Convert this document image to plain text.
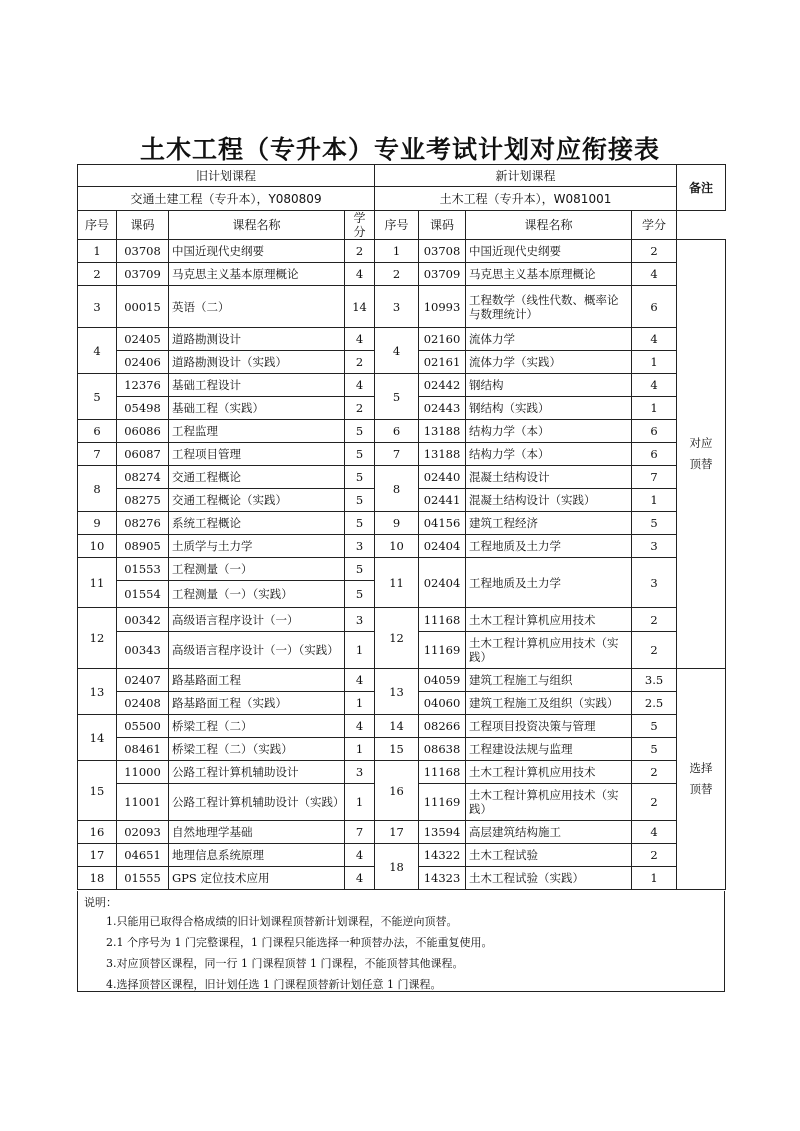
土木工程（专升本）专业考试计划对应衔接表
旧计划课程				新计划课程				备注
交通土建工程（专升本），Y080809				土木工程（专升本），W081001				
序号	课码	课程名称	学分	序号	课码	课程名称	学分	
1	03708	中国近现代史纲要	2	1	03708	中国近现代史纲要	2	对应
顶替
2	03709	马克思主义基本原理概论	4	2	03709	马克思主义基本原理概论	4	
3	00015	英语（二）	14	3	10993	工程数学（线性代数、概率论与数理统计）	6	
4	02405	道路勘测设计	4	4	02160	流体力学	4	
	02406	道路勘测设计（实践）	2		02161	流体力学（实践）	1	
5	12376	基础工程设计	4	5	02442	钢结构	4	
	05498	基础工程（实践）	2		02443	钢结构（实践）	1	
6	06086	工程监理	5	6	13188	结构力学（本）	6	
7	06087	工程项目管理	5	7	13188	结构力学（本）	6	
8	08274	交通工程概论	5	8	02440	混凝土结构设计	7	
	08275	交通工程概论（实践）	5		02441	混凝土结构设计（实践）	1	
9	08276	系统工程概论	5	9	04156	建筑工程经济	5	
10	08905	土质学与土力学	3	10	02404	工程地质及土力学	3	
11	01553	工程测量（一）	5	11	02404	工程地质及土力学	3	
	01554	工程测量（一）（实践）	5					
12	00342	高级语言程序设计（一）	3	12	11168	土木工程计算机应用技术	2	
	00343	高级语言程序设计（一）（实践）	1		11169	土木工程计算机应用技术（实践）	2	
13	02407	路基路面工程	4	13	04059	建筑工程施工与组织	3.5	选择
顶替
	02408	路基路面工程（实践）	1		04060	建筑工程施工及组织（实践）	2.5	
14	05500	桥梁工程（二）	4	14	08266	工程项目投资决策与管理	5	
	08461	桥梁工程（二）（实践）	1	15	08638	工程建设法规与监理	5	
15	11000	公路工程计算机辅助设计	3	16	11168	土木工程计算机应用技术	2	
	11001	公路工程计算机辅助设计（实践）	1		11169	土木工程计算机应用技术（实践）	2	
16	02093	自然地理学基础	7	17	13594	高层建筑结构施工	4	
17	04651	地理信息系统原理	4	18	14322	土木工程试验	2	
18	01555	GPS 定位技术应用	4		14323	土木工程试验（实践）	1	
说明：
1.只能用已取得合格成绩的旧计划课程顶替新计划课程，不能逆向顶替。
2.1 个序号为 1 门完整课程，1 门课程只能选择一种顶替办法，不能重复使用。
3.对应顶替区课程，同一行 1 门课程顶替 1 门课程，不能顶替其他课程。
4.选择顶替区课程，旧计划任选 1 门课程顶替新计划任意 1 门课程。
